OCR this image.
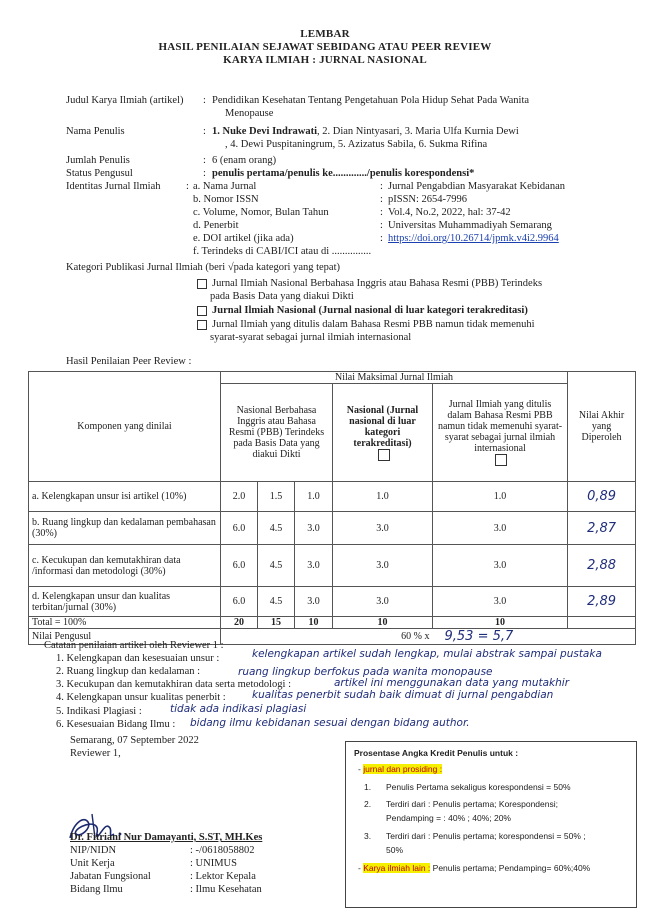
LEMBAR
HASIL PENILAIAN SEJAWAT SEBIDANG ATAU PEER REVIEW
KARYA ILMIAH : JURNAL NASIONAL
Judul Karya Ilmiah (artikel) : Pendidikan Kesehatan Tentang Pengetahuan Pola Hidup Sehat Pada Wanita
Menopause
Nama Penulis	: 1. Nuke Devi Indrawati, 2. Dian Nintyasari, 3. Maria Ulfa Kurnia Dewi
, 4. Dewi Puspitaningrum, 5. Azizatus Sabila, 6. Sukma Rifina
Jumlah Penulis	: 6 (enam orang)
Status Pengusul	: penulis pertama/penulis ke............./penulis korespondensi*
Identitas Jurnal Ilmiah : a. Nama Jurnal	: Jurnal Pengabdian Masyarakat Kebidanan
b. Nomor ISSN	: pISSN: 2654-7996
c. Volume, Nomor, Bulan Tahun	: Vol.4, No.2, 2022, hal: 37-42
d. Penerbit	: Universitas Muhammadiyah Semarang
e. DOI artikel (jika ada)	: https://doi.org/10.26714/jpmk.v4i2.9964
f. Terindeks di CABI/ICI atau di ...............
Kategori Publikasi Jurnal Ilmiah (beri √pada kategori yang tepat)
Jurnal Ilmiah Nasional Berbahasa Inggris atau Bahasa Resmi (PBB) Terindeks
pada Basis Data yang diakui Dikti
Jurnal Ilmiah Nasional (Jurnal nasional di luar kategori terakreditasi)
Jurnal Ilmiah yang ditulis dalam Bahasa Resmi PBB namun tidak memenuhi
syarat-syarat sebagai jurnal ilmiah internasional
Hasil Penilaian Peer Review :
Komponen yang dinilai	Nilai Maksimal Jurnal Ilmiah					Nilai Akhir yang Diperoleh
	Nasional Berbahasa Inggris atau Bahasa Resmi (PBB) Terindeks pada Basis Data yang diakui Dikti			Nasional (Jurnal nasional di luar kategori terakreditasi)	Jurnal Ilmiah yang ditulis dalam Bahasa Resmi PBB namun tidak memenuhi syarat-syarat sebagai jurnal ilmiah internasional	

a. Kelengkapan unsur isi artikel (10%)	2.0	1.5	1.0	1.0	1.0	0,89
b. Ruang lingkup dan kedalaman pembahasan (30%)	6.0	4.5	3.0	3.0	3.0	2,87
c. Kecukupan dan kemutakhiran data /informasi dan metodologi (30%)	6.0	4.5	3.0	3.0	3.0	2,88
d. Kelengkapan unsur dan kualitas terbitan/jurnal (30%)	6.0	4.5	3.0	3.0	3.0	2,89
Total = 100%	20	15	10	10	10	
Nilai Pengusul	60 % x				9,53 = 5,7	
Catatan penilaian artikel oleh Reviewer 1 :
1. Kelengkapan dan kesesuaian unsur :	kelengkapan artikel sudah lengkap, mulai abstrak sampai pustaka
2. Ruang lingkup dan kedalaman :	ruang lingkup berfokus pada wanita monopause
3. Kecukupan dan kemutakhiran data serta metodologi :	artikel ini menggunakan data yang mutakhir
4. Kelengkapan unsur kualitas penerbit :	kualitas penerbit sudah baik dimuat di jurnal pengabdian
5. Indikasi Plagiasi :	tidak ada indikasi plagiasi
6. Kesesuaian Bidang Ilmu : bidang ilmu kebidanan sesuai dengan bidang author.
Semarang, 07 September 2022
Reviewer 1,
Dr. Fitriani Nur Damayanti, S.ST, MH.Kes
NIP/NIDN	: -/0618058802
Unit Kerja	: UNIMUS
Jabatan Fungsional	: Lektor Kepala
Bidang Ilmu	: Ilmu Kesehatan
Prosentase Angka Kredit Penulis untuk :
- jurnal dan prosiding :
1. Penulis Pertama sekaligus korespondensi = 50%
2. Terdiri dari : Penulis pertama; Korespondensi;
Pendamping = : 40% ; 40%; 20%
3. Terdiri dari : Penulis pertama; korespondensi = 50% ;
50%
- Karya ilmiah lain : Penulis pertama; Pendamping= 60%;40%
